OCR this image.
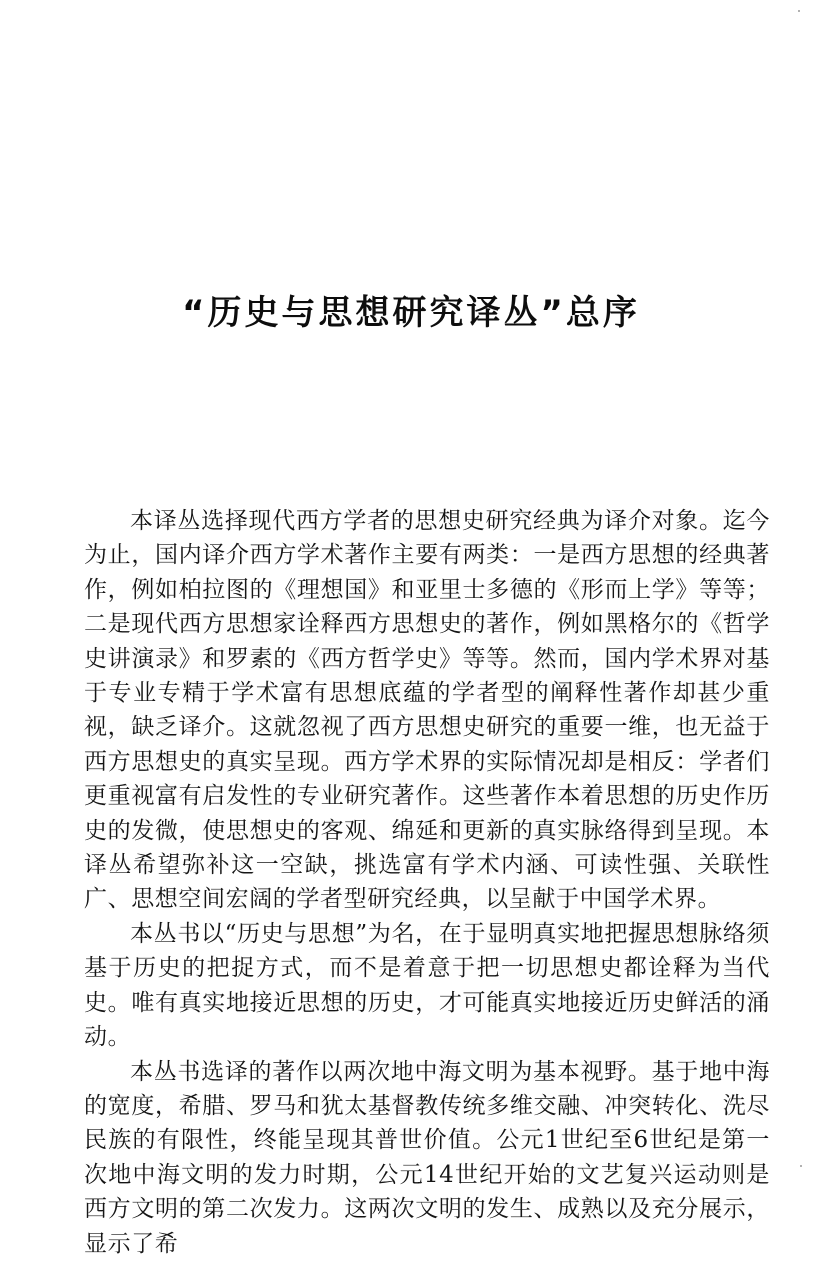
“历史与思想研究译丛”总序

本译丛选择现代西方学者的思想史研究经典为译介对象。迄今为止，国内译介西方学术著作主要有两类：一是西方思想的经典著作，例如柏拉图的《理想国》和亚里士多德的《形而上学》等等；二是现代西方思想家诠释西方思想史的著作，例如黑格尔的《哲学史讲演录》和罗素的《西方哲学史》等等。然而，国内学术界对基于专业专精于学术富有思想底蕴的学者型的阐释性著作却甚少重视，缺乏译介。这就忽视了西方思想史研究的重要一维，也无益于西方思想史的真实呈现。西方学术界的实际情况却是相反：学者们更重视富有启发性的专业研究著作。这些著作本着思想的历史作历史的发微，使思想史的客观、绵延和更新的真实脉络得到呈现。本译丛希望弥补这一空缺，挑选富有学术内涵、可读性强、关联性广、思想空间宏阔的学者型研究经典，以呈献于中国学术界。

本丛书以“历史与思想”为名，在于显明真实地把握思想脉络须基于历史的把捉方式，而不是着意于把一切思想史都诠释为当代史。唯有真实地接近思想的历史，才可能真实地接近历史鲜活的涌动。

本丛书选译的著作以两次地中海文明为基本视野。基于地中海的宽度，希腊、罗马和犹太基督教传统多维交融、冲突转化、洗尽民族的有限性，终能呈现其普世价值。公元1世纪至6世纪是第一次地中海文明的发力时期，公元14世纪开始的文艺复兴运动则是西方文明的第二次发力。这两次文明的发生、成熟以及充分展示，显示了希
